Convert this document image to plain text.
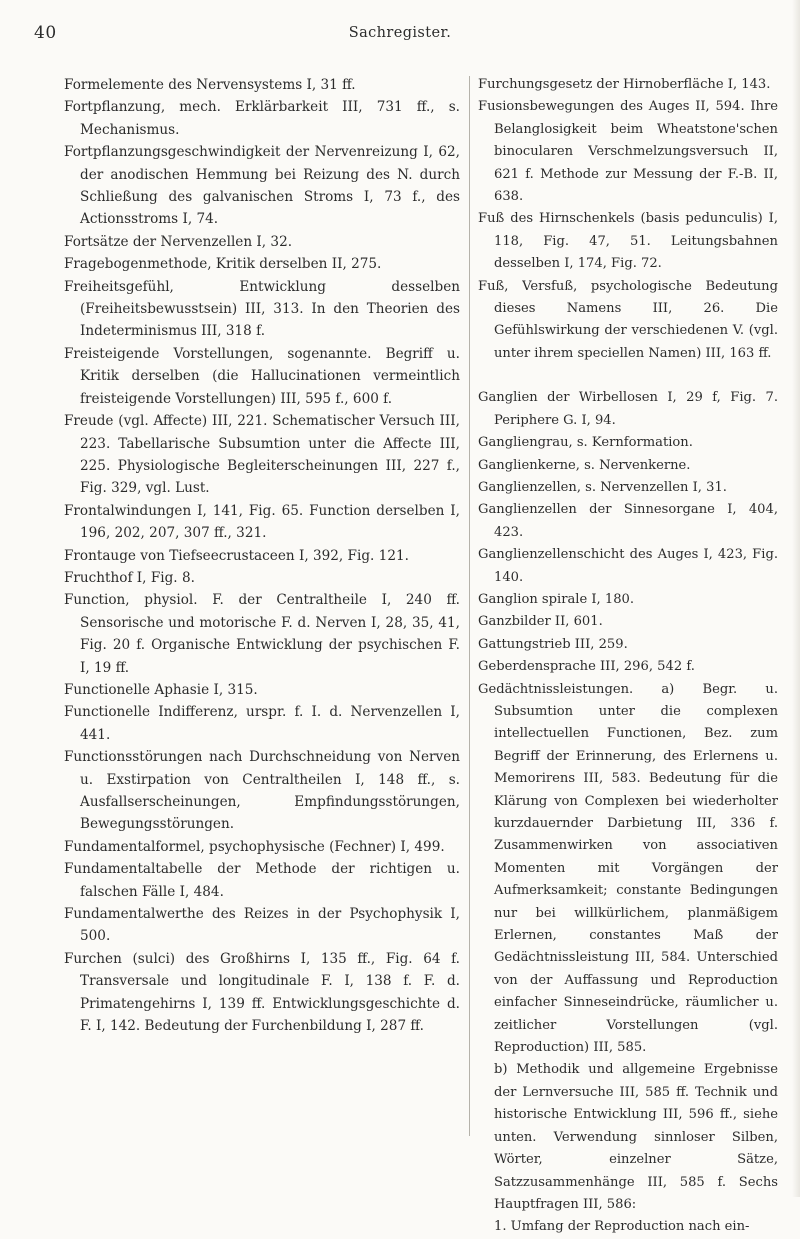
40	Sachregister.

Formelemente des Nervensystems I, 31 ff.

Fortpflanzung, mech. Erklärbarkeit III, 731 ff., s. Mechanismus.

Fortpflanzungsgeschwindigkeit der Nervenreizung I, 62, der anodischen Hemmung bei Reizung des N. durch Schließung des galvanischen Stroms I, 73 f., des Actionsstroms I, 74.

Fortsätze der Nervenzellen I, 32.

Fragebogenmethode, Kritik derselben II, 275.

Freiheitsgefühl, Entwicklung desselben (Freiheitsbewusstsein) III, 313. In den Theorien des Indeterminismus III, 318 f.

Freisteigende Vorstellungen, sogenannte. Begriff u. Kritik derselben (die Hallucinationen vermeintlich freisteigende Vorstellungen) III, 595 f., 600 f.

Freude (vgl. Affecte) III, 221. Schematischer Versuch III, 223. Tabellarische Subsumtion unter die Affecte III, 225. Physiologische Begleiterscheinungen III, 227 f., Fig. 329, vgl. Lust.

Frontalwindungen I, 141, Fig. 65. Function derselben I, 196, 202, 207, 307 ff., 321.

Frontauge von Tiefseecrustaceen I, 392, Fig. 121.

Fruchthof I, Fig. 8.

Function, physiol. F. der Centraltheile I, 240 ff. Sensorische und motorische F. d. Nerven I, 28, 35, 41, Fig. 20 f. Organische Entwicklung der psychischen F. I, 19 ff.

Functionelle Aphasie I, 315.

Functionelle Indifferenz, urspr. f. I. d. Nervenzellen I, 441.

Functionsstörungen nach Durchschneidung von Nerven u. Exstirpation von Centraltheilen I, 148 ff., s. Ausfallserscheinungen, Empfindungsstörungen, Bewegungsstörungen.

Fundamentalformel, psychophysische (Fechner) I, 499.

Fundamentaltabelle der Methode der richtigen u. falschen Fälle I, 484.

Fundamentalwerthe des Reizes in der Psychophysik I, 500.

Furchen (sulci) des Großhirns I, 135 ff., Fig. 64 f. Transversale und longitudinale F. I, 138 f. F. d. Primatengehirns I, 139 ff. Entwicklungsgeschichte d. F. I, 142. Bedeutung der Furchenbildung I, 287 ff.

Furchungsgesetz der Hirnoberfläche I, 143.

Fusionsbewegungen des Auges II, 594. Ihre Belanglosigkeit beim Wheatstone'schen binocularen Verschmelzungsversuch II, 621 f. Methode zur Messung der F.-B. II, 638.

Fuß des Hirnschenkels (basis pedunculis) I, 118, Fig. 47, 51. Leitungsbahnen desselben I, 174, Fig. 72.

Fuß, Versfuß, psychologische Bedeutung dieses Namens III, 26. Die Gefühlswirkung der verschiedenen V. (vgl. unter ihrem speciellen Namen) III, 163 ff.

Ganglien der Wirbellosen I, 29 f, Fig. 7. Periphere G. I, 94.

Gangliengrau, s. Kernformation.

Ganglienkerne, s. Nervenkerne.

Ganglienzellen, s. Nervenzellen I, 31.

Ganglienzellen der Sinnesorgane I, 404, 423.

Ganglienzellenschicht des Auges I, 423, Fig. 140.

Ganglion spirale I, 180.

Ganzbilder II, 601.

Gattungstrieb III, 259.

Geberdensprache III, 296, 542 f.

Gedächtnissleistungen. a) Begr. u. Subsumtion unter die complexen intellectuellen Functionen, Bez. zum Begriff der Erinnerung, des Erlernens u. Memorirens III, 583. Bedeutung für die Klärung von Complexen bei wiederholter kurzdauernder Darbietung III, 336 f. Zusammenwirken von associativen Momenten mit Vorgängen der Aufmerksamkeit; constante Bedingungen nur bei willkürlichem, planmäßigem Erlernen, constantes Maß der Gedächtnissleistung III, 584. Unterschied von der Auffassung und Reproduction einfacher Sinneseindrücke, räumlicher u. zeitlicher Vorstellungen (vgl. Reproduction) III, 585.

b) Methodik und allgemeine Ergebnisse der Lernversuche III, 585 ff. Technik und historische Entwicklung III, 596 ff., siehe unten. Verwendung sinnloser Silben, Wörter, einzelner Sätze, Satzzusammenhänge III, 585 f. Sechs Hauptfragen III, 586:

1. Umfang der Reproduction nach ein-
